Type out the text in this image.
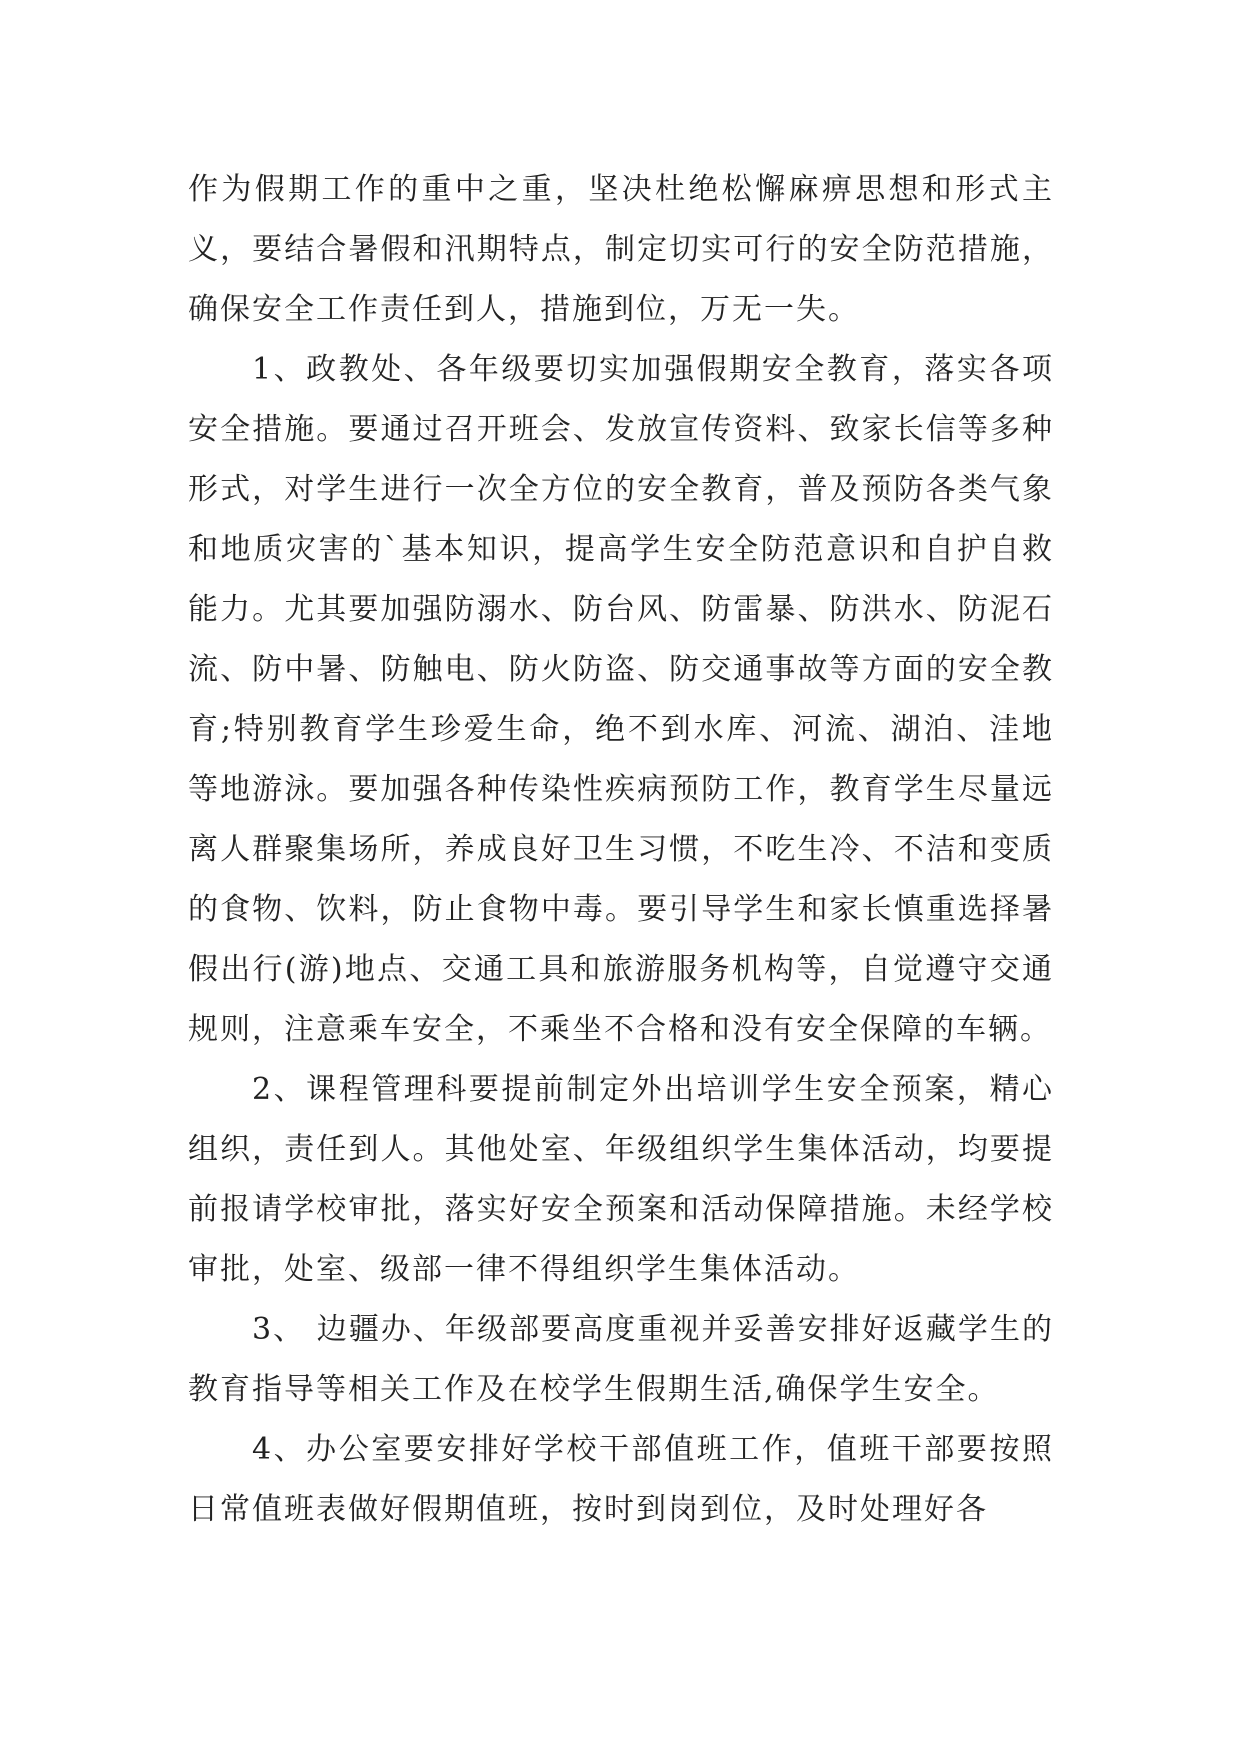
作为假期工作的重中之重，坚决杜绝松懈麻痹思想和形式主义，要结合暑假和汛期特点，制定切实可行的安全防范措施，确保安全工作责任到人，措施到位，万无一失。

1、政教处、各年级要切实加强假期安全教育，落实各项安全措施。要通过召开班会、发放宣传资料、致家长信等多种形式，对学生进行一次全方位的安全教育，普及预防各类气象和地质灾害的`基本知识，提高学生安全防范意识和自护自救能力。尤其要加强防溺水、防台风、防雷暴、防洪水、防泥石流、防中暑、防触电、防火防盗、防交通事故等方面的安全教育;特别教育学生珍爱生命，绝不到水库、河流、湖泊、洼地等地游泳。要加强各种传染性疾病预防工作，教育学生尽量远离人群聚集场所，养成良好卫生习惯，不吃生冷、不洁和变质的食物、饮料，防止食物中毒。要引导学生和家长慎重选择暑假出行(游)地点、交通工具和旅游服务机构等，自觉遵守交通规则，注意乘车安全，不乘坐不合格和没有安全保障的车辆。

2、课程管理科要提前制定外出培训学生安全预案，精心组织，责任到人。其他处室、年级组织学生集体活动，均要提前报请学校审批，落实好安全预案和活动保障措施。未经学校审批，处室、级部一律不得组织学生集体活动。

3、 边疆办、年级部要高度重视并妥善安排好返藏学生的教育指导等相关工作及在校学生假期生活,确保学生安全。

4、办公室要安排好学校干部值班工作，值班干部要按照日常值班表做好假期值班，按时到岗到位，及时处理好各
